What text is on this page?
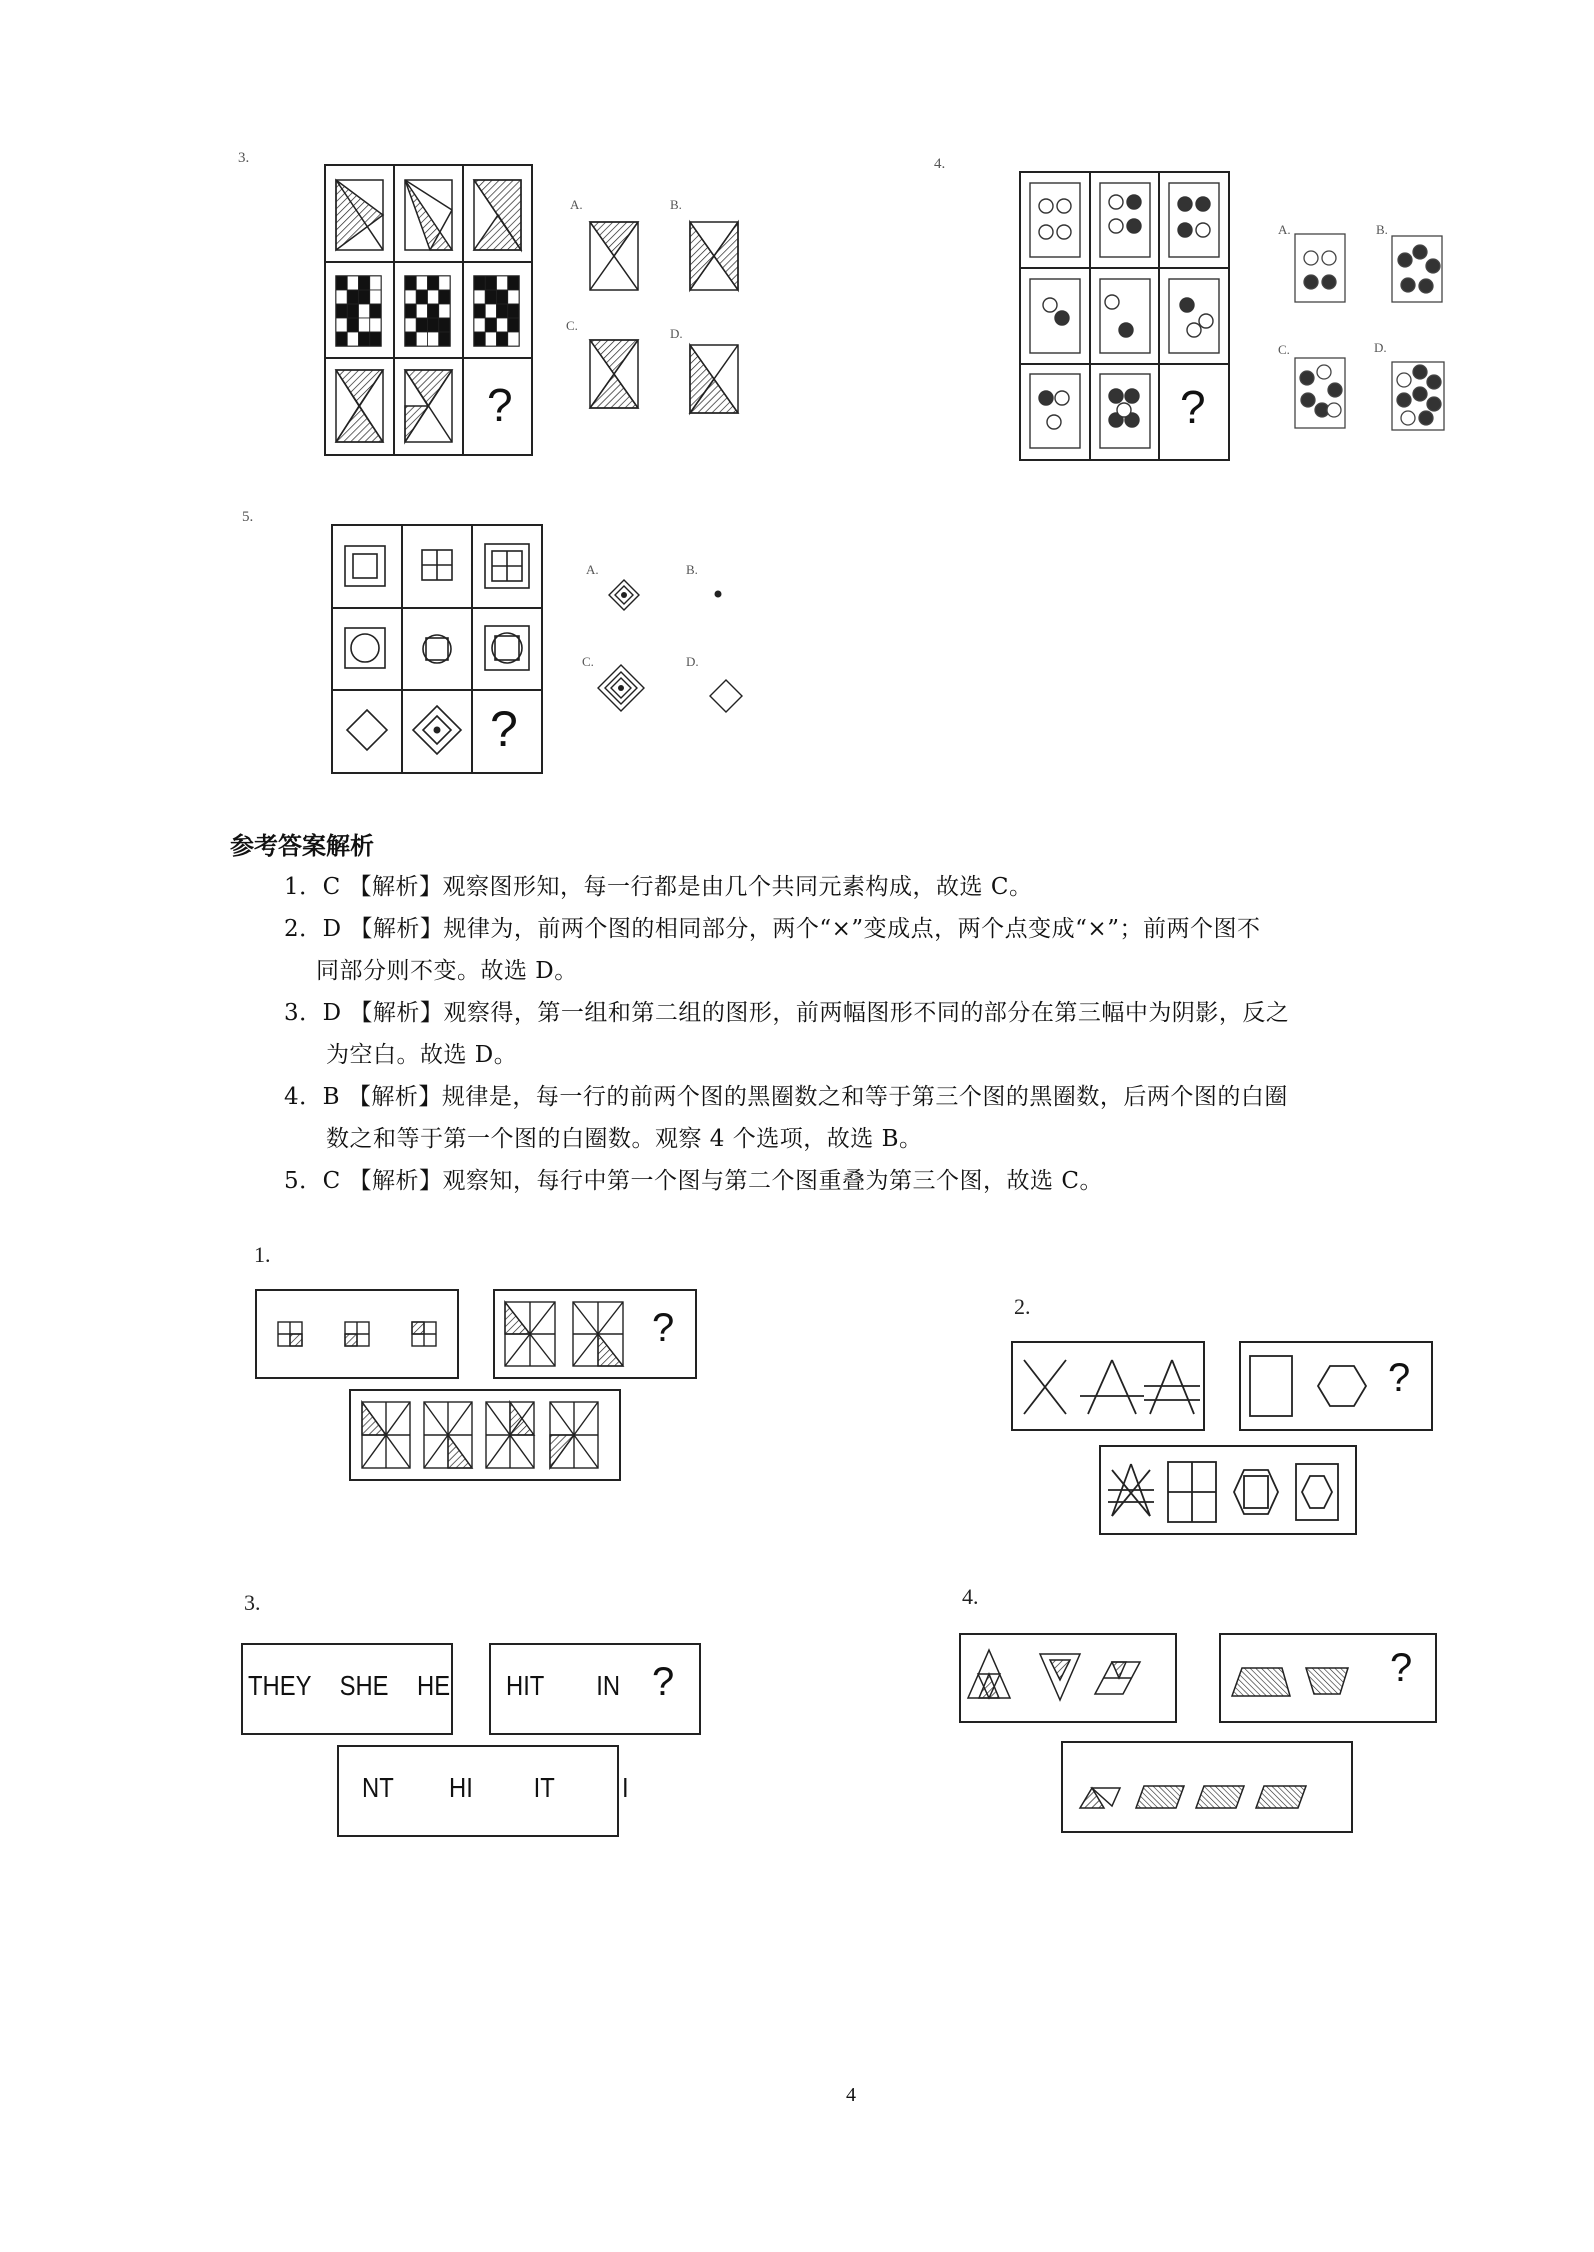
3.
?
A.	B.
C.
D.
4.
?
A.	B.
C.	D.
5.
?
A.	B.
C.	D.
参考答案解析
1．C 【解析】观察图形知，每一行都是由几个共同元素构成，故选 C。
2．D 【解析】规律为，前两个图的相同部分，两个“×”变成点，两个点变成“×”；前两个图不
同部分则不变。故选 D。
3．D 【解析】观察得，第一组和第二组的图形，前两幅图形不同的部分在第三幅中为阴影，反之
为空白。故选 D。
4．B 【解析】规律是，每一行的前两个图的黑圈数之和等于第三个图的黑圈数，后两个图的白圈
数之和等于第一个图的白圈数。观察 4 个选项，故选 B。
5．C 【解析】观察知，每行中第一个图与第二个图重叠为第三个图，故选 C。
1.
?	2.
?
3.
THEY SHE HE HIT IN ?
NT HI IT I
4.
?
4
